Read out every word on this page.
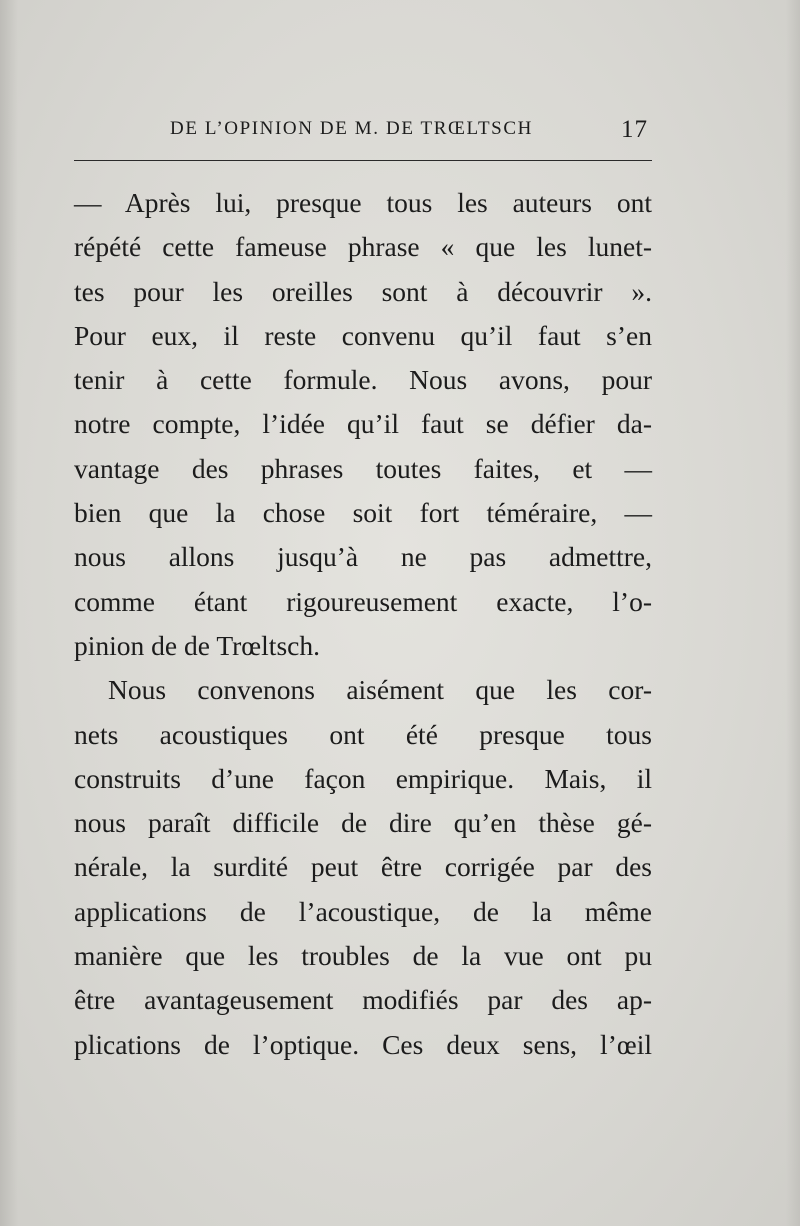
DE L’OPINION DE M. DE TRŒLTSCH	17
— Après lui, presque tous les auteurs ont
répété cette fameuse phrase « que les lunet-
tes pour les oreilles sont à découvrir ».
Pour eux, il reste convenu qu’il faut s’en
tenir à cette formule. Nous avons, pour
notre compte, l’idée qu’il faut se défier da-
vantage des phrases toutes faites, et —
bien que la chose soit fort téméraire, —
nous allons jusqu’à ne pas admettre,
comme étant rigoureusement exacte, l’o-
pinion de de Trœltsch.
Nous convenons aisément que les cor-
nets acoustiques ont été presque tous
construits d’une façon empirique. Mais, il
nous paraît difficile de dire qu’en thèse gé-
nérale, la surdité peut être corrigée par des
applications de l’acoustique, de la même
manière que les troubles de la vue ont pu
être avantageusement modifiés par des ap-
plications de l’optique. Ces deux sens, l’œil
